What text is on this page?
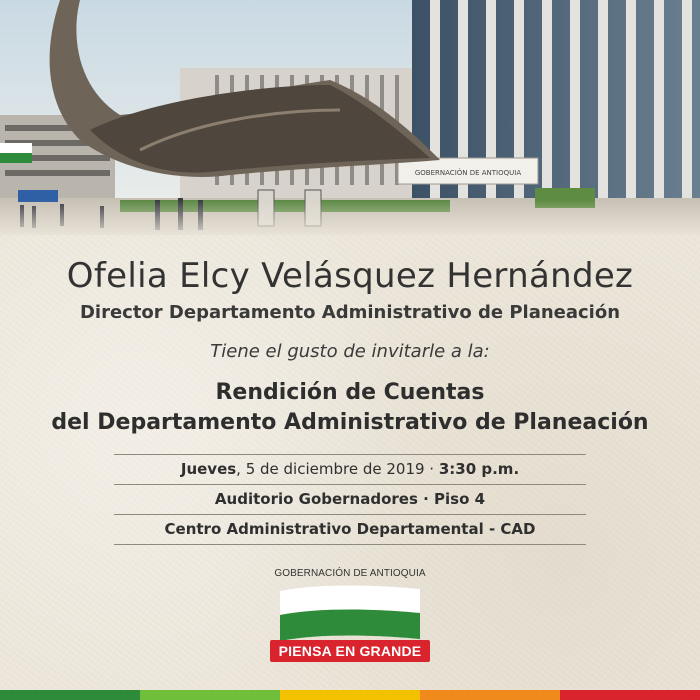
GOBERNACIÓN DE ANTIOQUIA
Ofelia Elcy Velásquez Hernández
Director Departamento Administrativo de Planeación
Tiene el gusto de invitarle a la:
Rendición de Cuentas
del Departamento Administrativo de Planeación
Jueves, 5 de diciembre de 2019 · 3:30 p.m.
Auditorio Gobernadores · Piso 4
Centro Administrativo Departamental - CAD
GOBERNACIÓN DE ANTIOQUIA
PIENSA EN GRANDE
